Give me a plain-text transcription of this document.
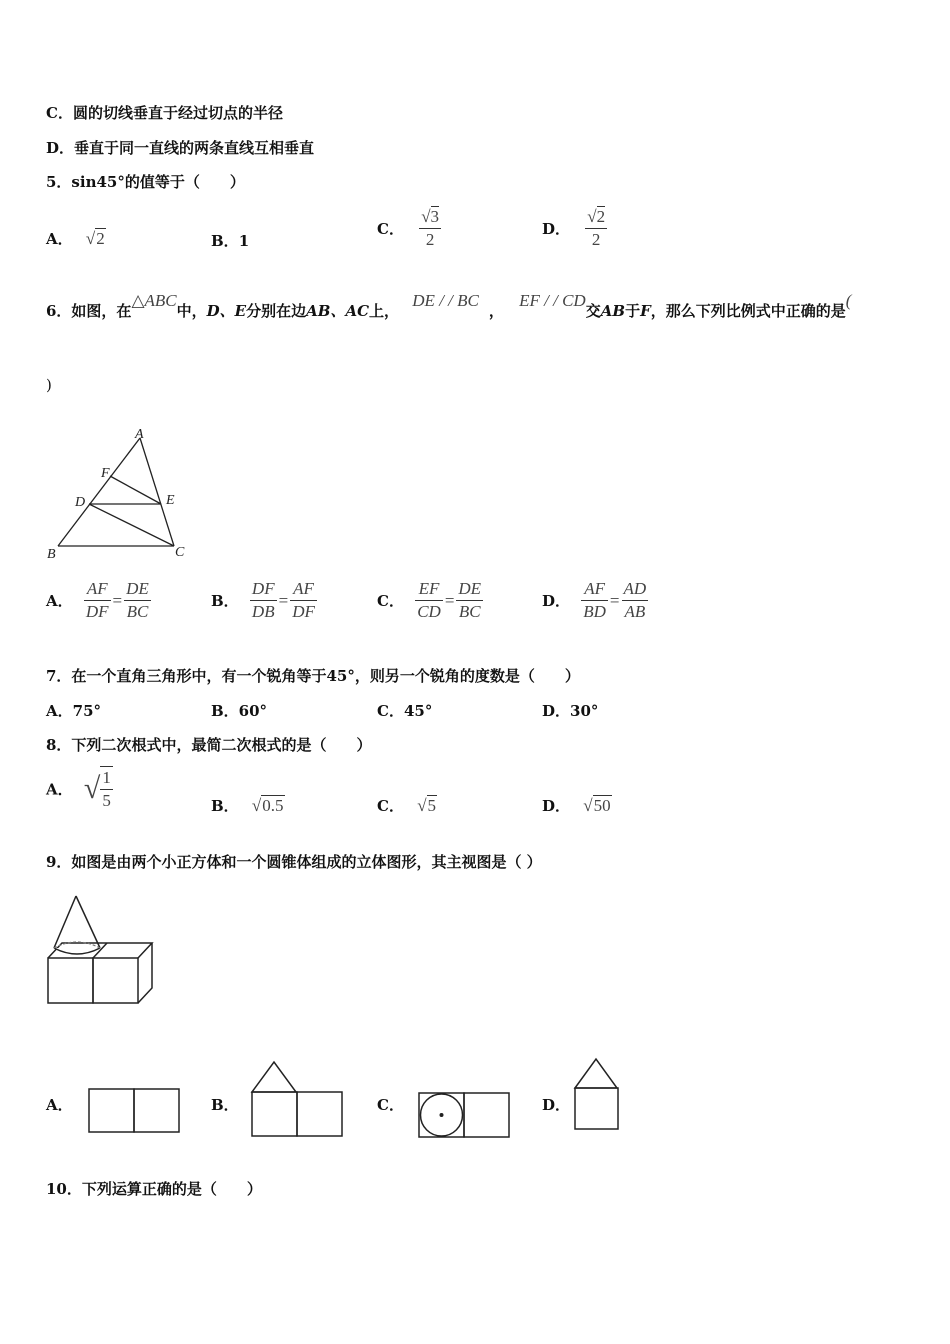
C．圆的切线垂直于经过切点的半径
D．垂直于同一直线的两条直线互相垂直
5．sin45°的值等于（　　）
A． √2	B．1
C． $\frac{√3}{2}$	D． $\frac{√2}{2}$
6．如图，在△ABC中，D、E分别在边AB、AC上， DE / / BC， EF / / CD交AB于F，那么下列比例式中正确的是(
)
A
F
D	E
B	C
A． $\frac{AF}{DF} = \frac{DE}{BC}$	B． $\frac{DF}{DB} = \frac{AF}{DF}$	C． $\frac{EF}{CD} = \frac{DE}{BC}$	D． $\frac{AF}{BD} = \frac{AD}{AB}$
7．在一个直角三角形中，有一个锐角等于45°，则另一个锐角的度数是（　　）
A．75°	B．60°	C．45°	D．30°
8．下列二次根式中，最简二次根式的是（　　）
A． √ $\frac{1}{5}$	B． √0.5	C． √5	D． √50
9．如图是由两个小正方体和一个圆锥体组成的立体图形，其主视图是（ ）
A．	B．	C．	D．
10．下列运算正确的是（　　）
